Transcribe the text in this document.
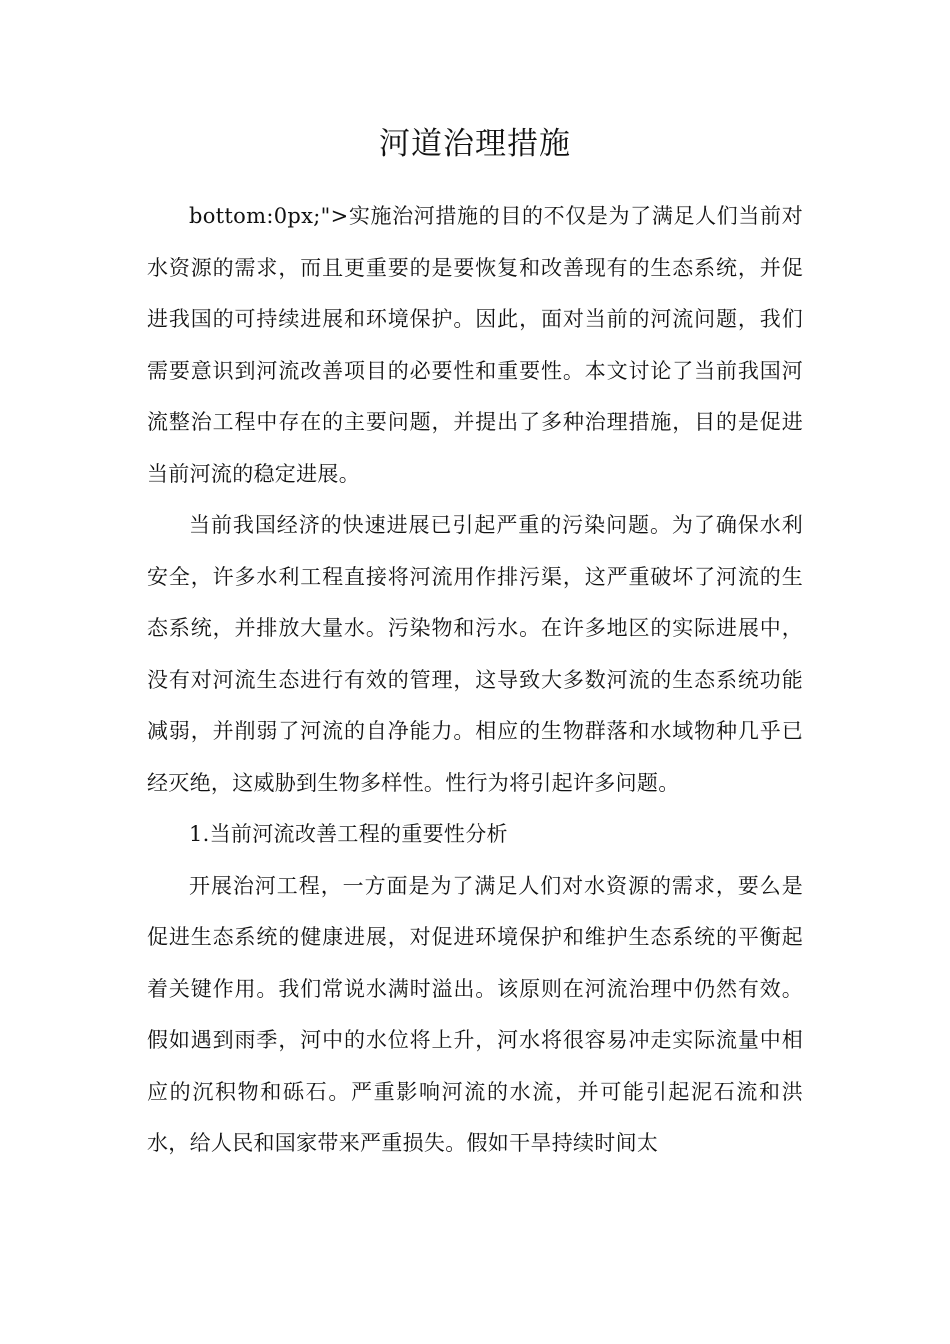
河道治理措施

bottom:0px;">实施治河措施的目的不仅是为了满足人们当前对水资源的需求，而且更重要的是要恢复和改善现有的生态系统，并促进我国的可持续进展和环境保护。因此，面对当前的河流问题，我们需要意识到河流改善项目的必要性和重要性。本文讨论了当前我国河流整治工程中存在的主要问题，并提出了多种治理措施，目的是促进当前河流的稳定进展。

当前我国经济的快速进展已引起严重的污染问题。为了确保水利安全，许多水利工程直接将河流用作排污渠，这严重破坏了河流的生态系统，并排放大量水。污染物和污水。在许多地区的实际进展中，没有对河流生态进行有效的管理，这导致大多数河流的生态系统功能减弱，并削弱了河流的自净能力。相应的生物群落和水域物种几乎已经灭绝，这威胁到生物多样性。性行为将引起许多问题。

1.当前河流改善工程的重要性分析

开展治河工程，一方面是为了满足人们对水资源的需求，要么是促进生态系统的健康进展，对促进环境保护和维护生态系统的平衡起着关键作用。我们常说水满时溢出。该原则在河流治理中仍然有效。假如遇到雨季，河中的水位将上升，河水将很容易冲走实际流量中相应的沉积物和砾石。严重影响河流的水流，并可能引起泥石流和洪水，给人民和国家带来严重损失。假如干旱持续时间太
